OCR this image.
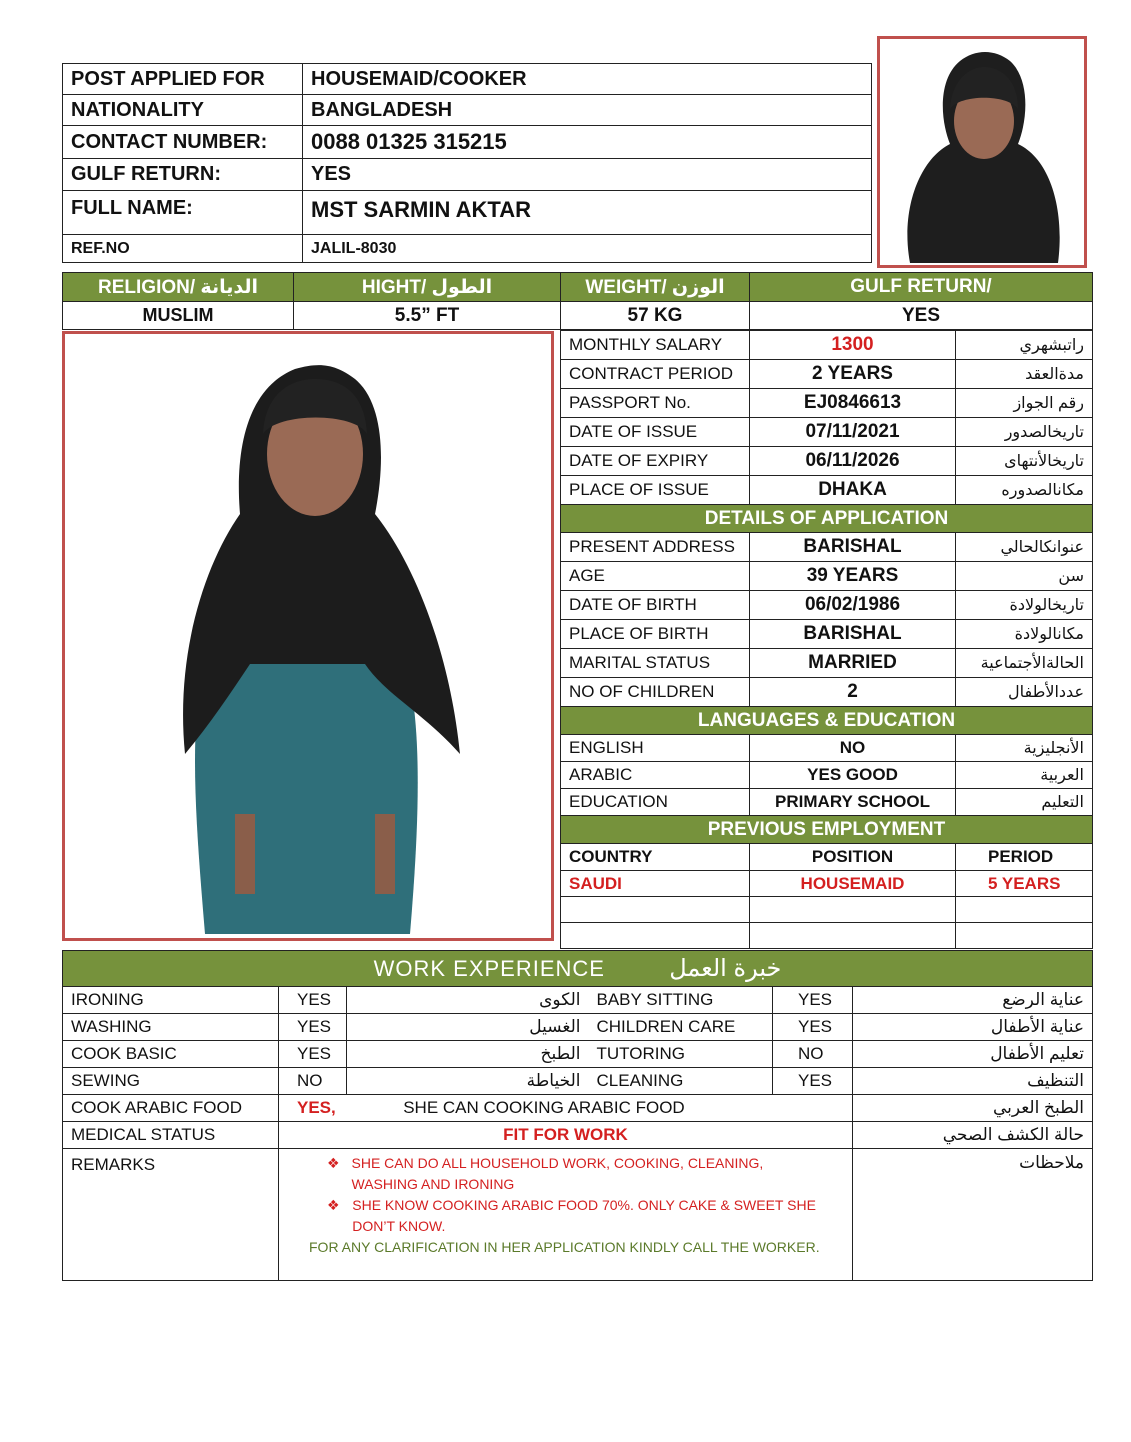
POST APPLIED FOR	HOUSEMAID/COOKER
NATIONALITY	BANGLADESH
CONTACT NUMBER:	0088 01325 315215
GULF RETURN:	YES
FULL NAME:	MST SARMIN AKTAR
REF.NO	JALIL-8030
RELIGION/ الديانة	HIGHT/ الطول	WEIGHT/ الوزن	GULF RETURN/
MUSLIM	5.5” FT	57 KG	YES
MONTHLY SALARY	1300	راتبشهري
CONTRACT PERIOD	2 YEARS	مدةالعقد
PASSPORT No.	EJ0846613	رقم الجواز
DATE OF ISSUE	07/11/2021	تاريخالصدور
DATE OF EXPIRY	06/11/2026	تاريخالأنتهاى
PLACE OF ISSUE	DHAKA	مكانالصدوره
DETAILS OF APPLICATION		
PRESENT ADDRESS	BARISHAL	عنوانكالحالي
AGE	39 YEARS	سن
DATE OF BIRTH	06/02/1986	تاريخالولادة
PLACE OF BIRTH	BARISHAL	مكانالولادة
MARITAL STATUS	MARRIED	الحالةالأجتماعية
NO OF CHILDREN	2	عددالأطفال
LANGUAGES & EDUCATION		
ENGLISH	NO	الأنجليزية
ARABIC	YES GOOD	العربية
EDUCATION	PRIMARY SCHOOL	التعليم
PREVIOUS EMPLOYMENT		
COUNTRY	POSITION	PERIOD
SAUDI	HOUSEMAID	5 YEARS

WORK EXPERIENCE خبرة العمل					
IRONING	YES	الكوى	BABY SITTING	YES	عناية الرضع
WASHING	YES	الغسيل	CHILDREN CARE	YES	عناية الأطفال
COOK BASIC	YES	الطبخ	TUTORING	NO	تعليم الأطفال
SEWING	NO	الخياطة	CLEANING	YES	التنظيف
COOK ARABIC FOOD	YES, SHE CAN COOKING ARABIC FOOD				الطبخ العربي
MEDICAL STATUS	FIT FOR WORK				حالة الكشف الصحي
REMARKS	❖ SHE CAN DO ALL HOUSEHOLD WORK, COOKING, CLEANING, WASHING AND IRONING
❖ SHE KNOW COOKING ARABIC FOOD 70%. ONLY CAKE & SWEET SHE DON’T KNOW.
FOR ANY CLARIFICATION IN HER APPLICATION KINDLY CALL THE WORKER.				ملاحظات
